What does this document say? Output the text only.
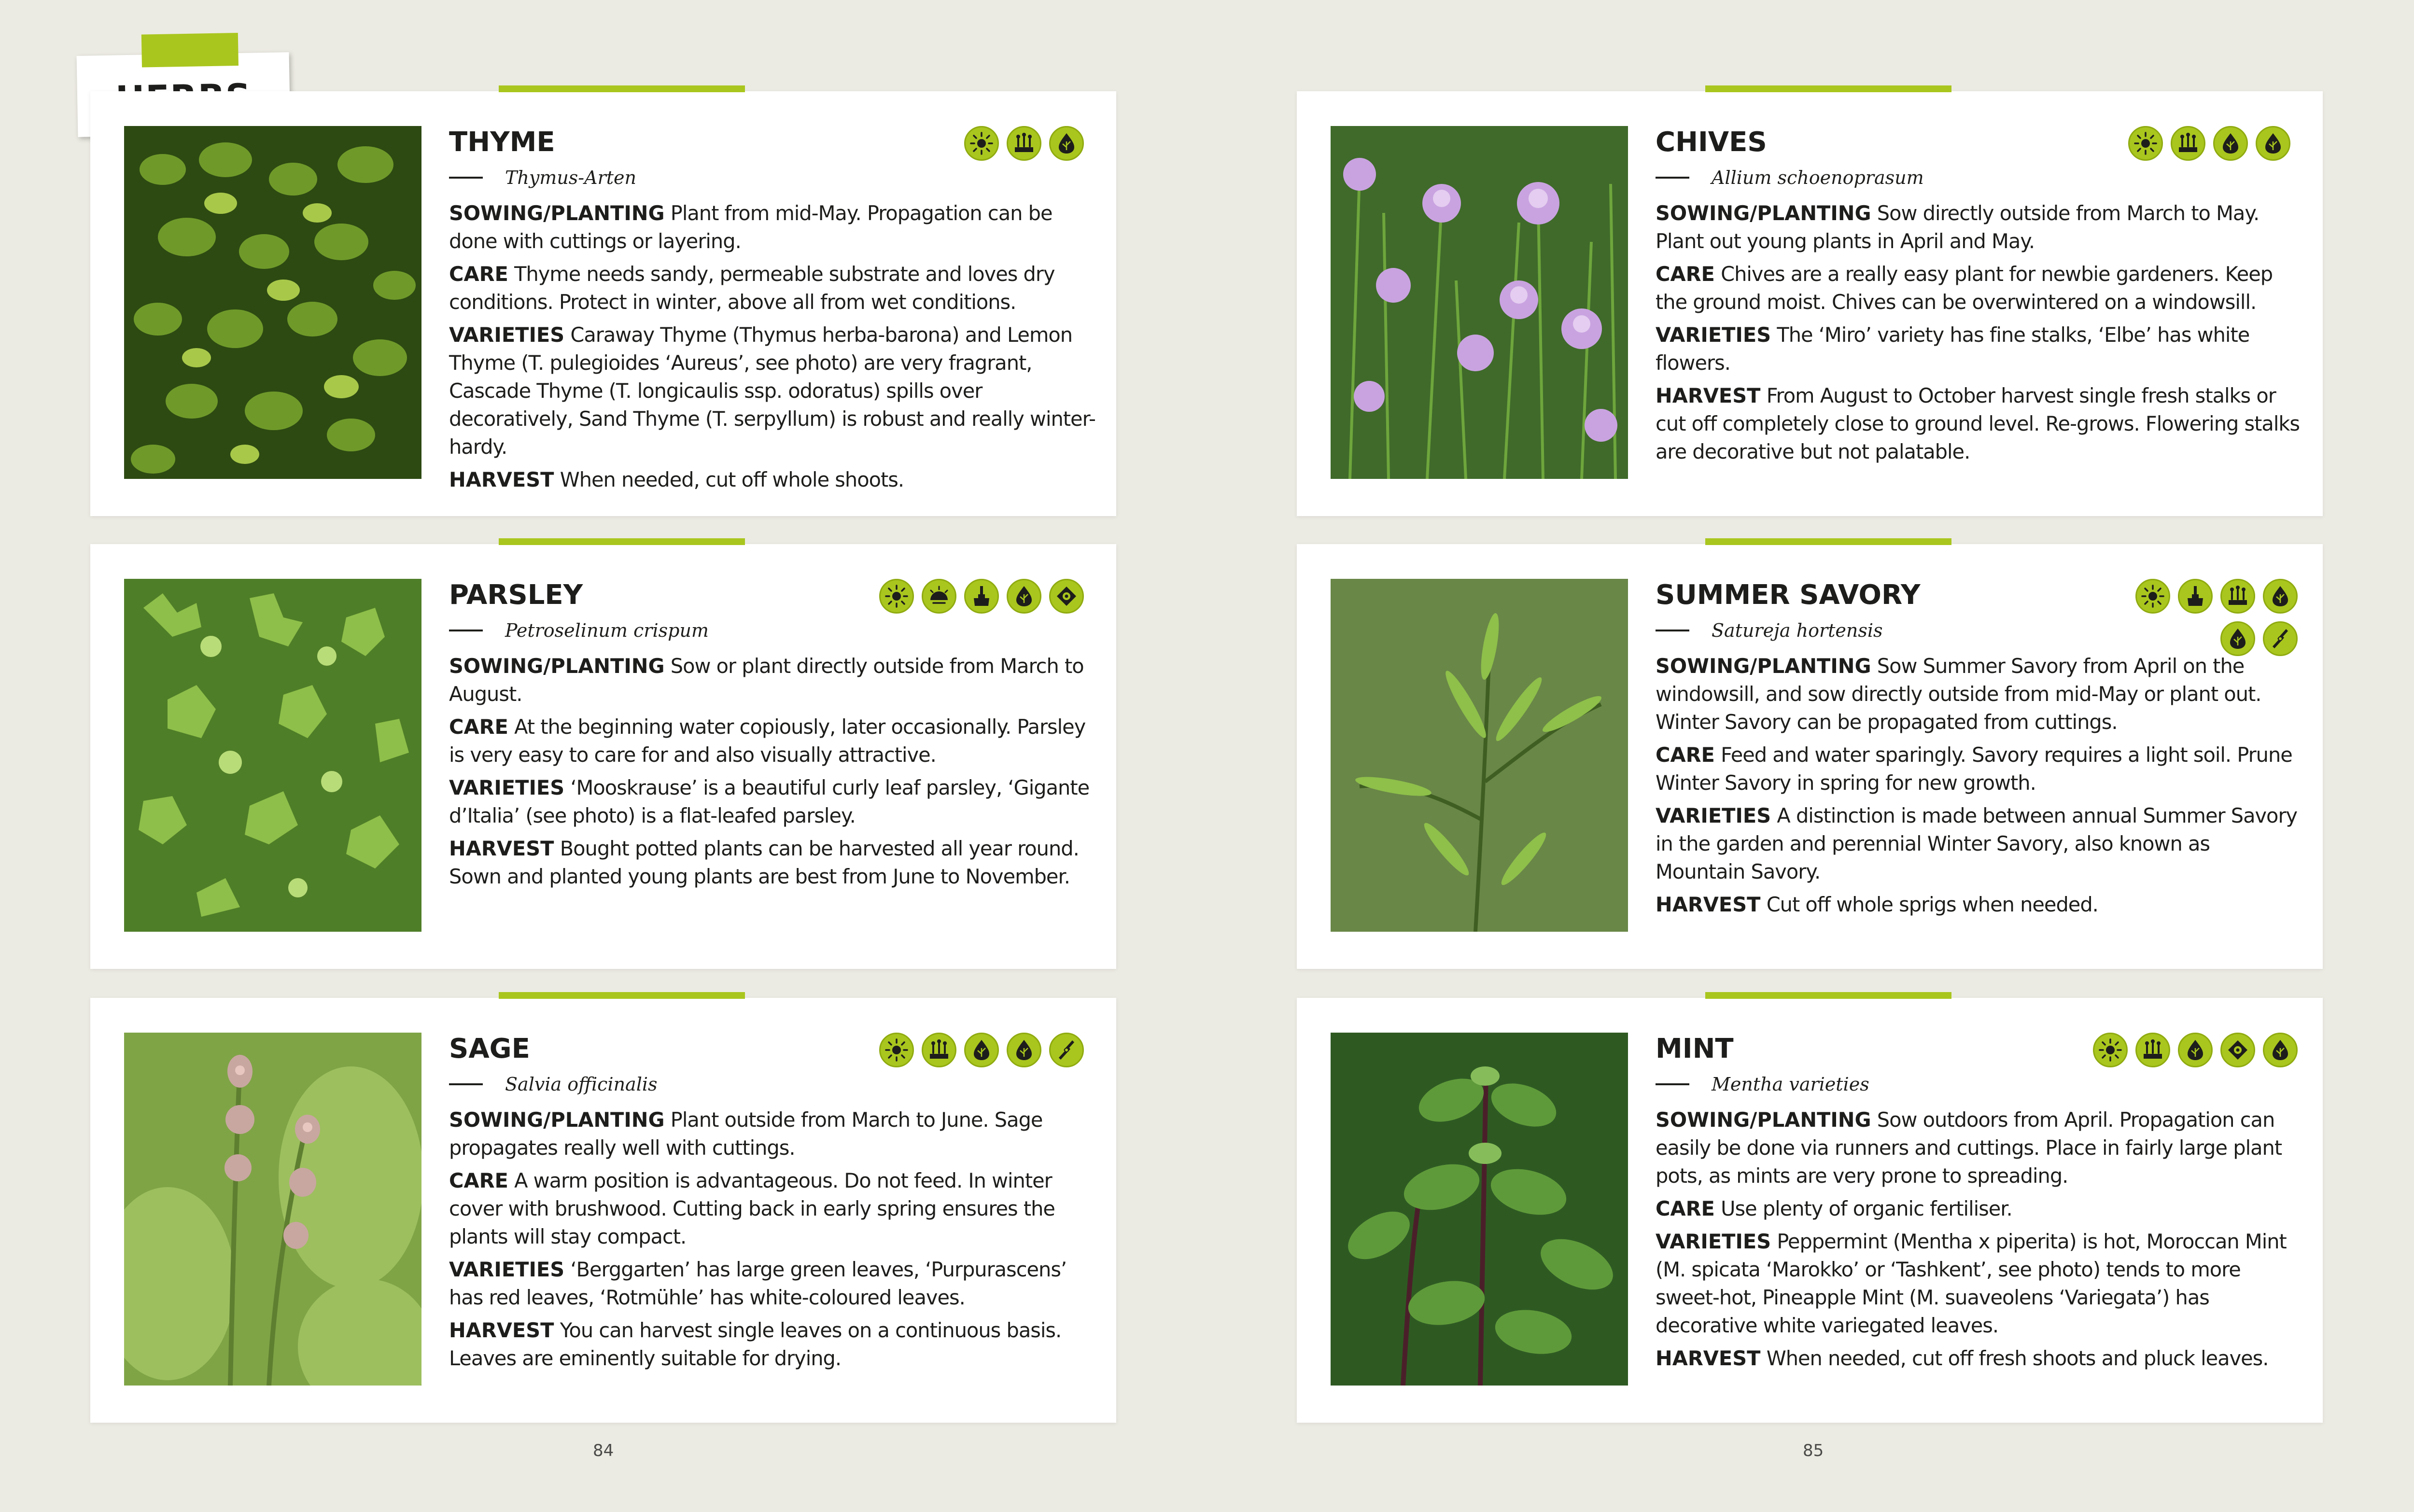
THYME
Thymus-Arten

SOWING/PLANTING Plant from mid-May. Propagation can be done with cuttings or layering.

CARE Thyme needs sandy, permeable substrate and loves dry conditions. Protect in winter, above all from wet conditions.

VARIETIES Caraway Thyme (Thymus herba-barona) and Lemon Thyme (T. pulegioides ‘Aureus’, see photo) are very fragrant, Cascade Thyme (T. longicaulis ssp. odoratus) spills over decoratively, Sand Thyme (T. serpyllum) is robust and really winter-hardy.

HARVEST When needed, cut off whole shoots.

CHIVES
Allium schoenoprasum

SOWING/PLANTING Sow directly outside from March to May. Plant out young plants in April and May.

CARE Chives are a really easy plant for newbie gardeners. Keep the ground moist. Chives can be overwintered on a windowsill.

VARIETIES The ‘Miro’ variety has fine stalks, ‘Elbe’ has white flowers.

HARVEST From August to October harvest single fresh stalks or cut off completely close to ground level. Re-grows. Flowering stalks are decorative but not palatable.

PARSLEY
Petroselinum crispum

SOWING/PLANTING Sow or plant directly outside from March to August.

CARE At the beginning water copiously, later occasionally. Parsley is very easy to care for and also visually attractive.

VARIETIES ‘Mooskrause’ is a beautiful curly leaf parsley, ‘Gigante d’Italia’ (see photo) is a flat-leafed parsley.

HARVEST Bought potted plants can be harvested all year round. Sown and planted young plants are best from June to November.

SUMMER SAVORY
Satureja hortensis

SOWING/PLANTING Sow Summer Savory from April on the windowsill, and sow directly outside from mid-May or plant out. Winter Savory can be propagated from cuttings.

CARE Feed and water sparingly. Savory requires a light soil. Prune Winter Savory in spring for new growth.

VARIETIES A distinction is made between annual Summer Savory in the garden and perennial Winter Savory, also known as Mountain Savory.

HARVEST Cut off whole sprigs when needed.

SAGE
Salvia officinalis

SOWING/PLANTING Plant outside from March to June. Sage propagates really well with cuttings.

CARE A warm position is advantageous. Do not feed. In winter cover with brushwood. Cutting back in early spring ensures the plants will stay compact.

VARIETIES ‘Berggarten’ has large green leaves, ‘Purpurascens’ has red leaves, ‘Rotmühle’ has white-coloured leaves.

HARVEST You can harvest single leaves on a continuous basis. Leaves are eminently suitable for drying.

MINT
Mentha varieties

SOWING/PLANTING Sow outdoors from April. Propagation can easily be done via runners and cuttings. Place in fairly large plant pots, as mints are very prone to spreading.

CARE Use plenty of organic fertiliser.

VARIETIES Peppermint (Mentha x piperita) is hot, Moroccan Mint (M. spicata ‘Marokko’ or ‘Tashkent’, see photo) tends to more sweet-hot, Pineapple Mint (M. suaveolens ‘Variegata’) has decorative white variegated leaves.

HARVEST When needed, cut off fresh shoots and pluck leaves.

84	85
